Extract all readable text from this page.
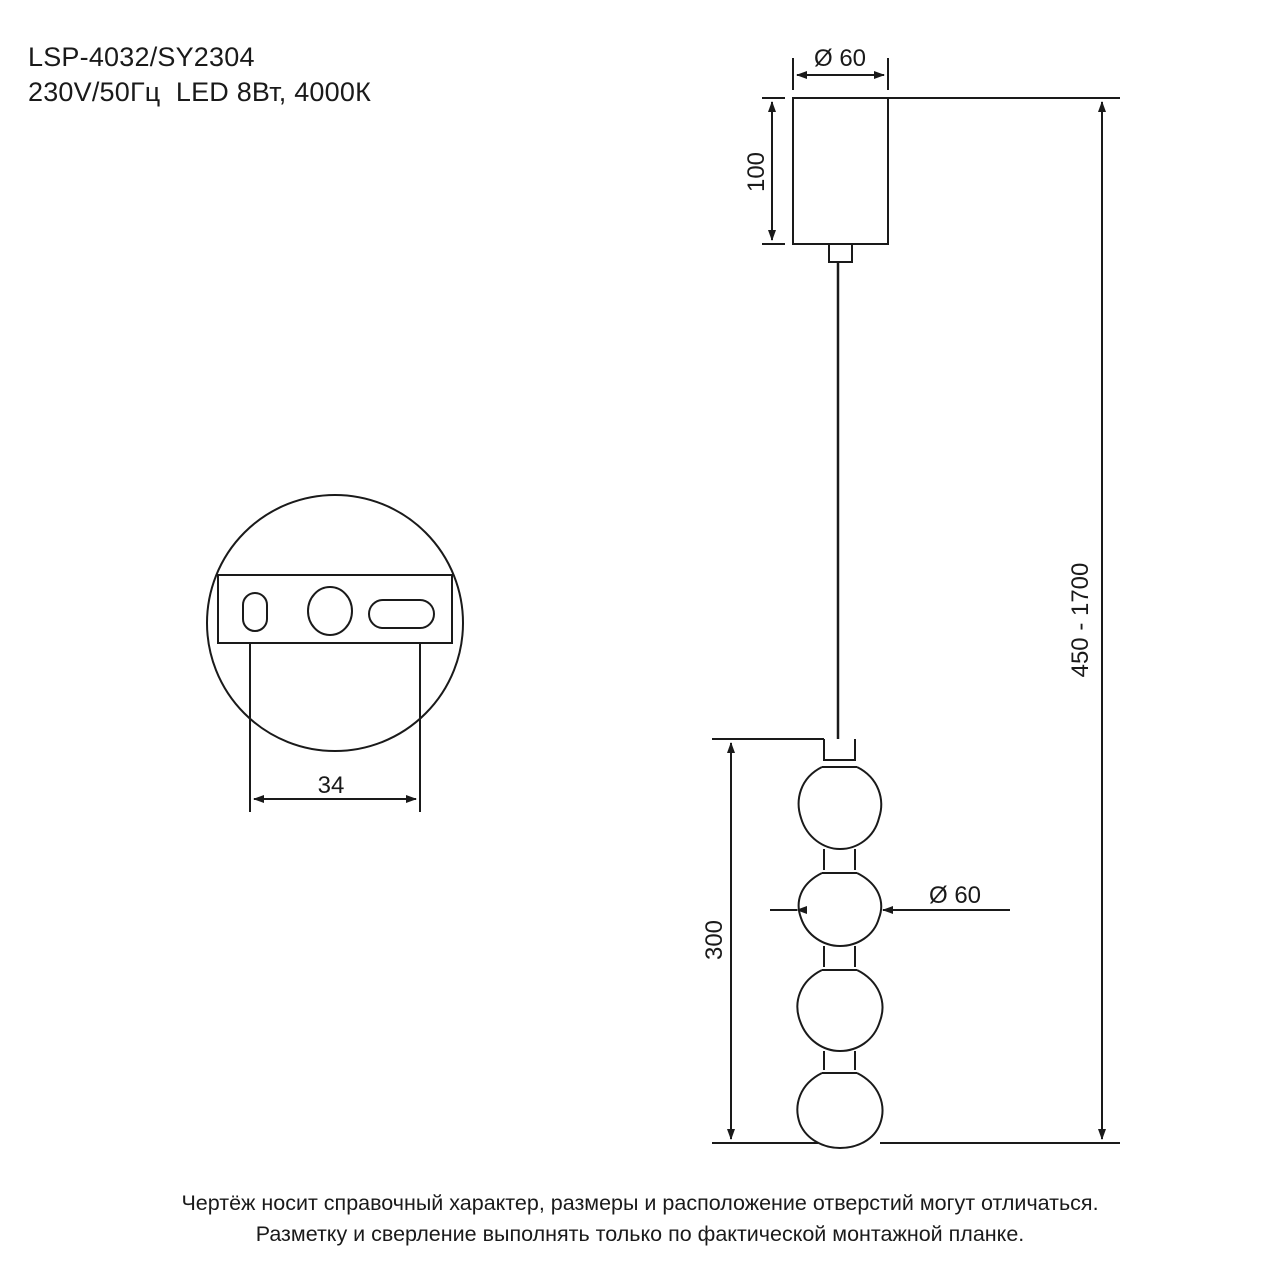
LSP-4032/SY2304
230V/50Гц  LED 8Вт, 4000К
Ø 60
100
450 - 1700
34
300
Ø 60
Чертёж носит справочный характер, размеры и расположение отверстий могут отличаться.
Разметку и сверление выполнять только по фактической монтажной планке.
